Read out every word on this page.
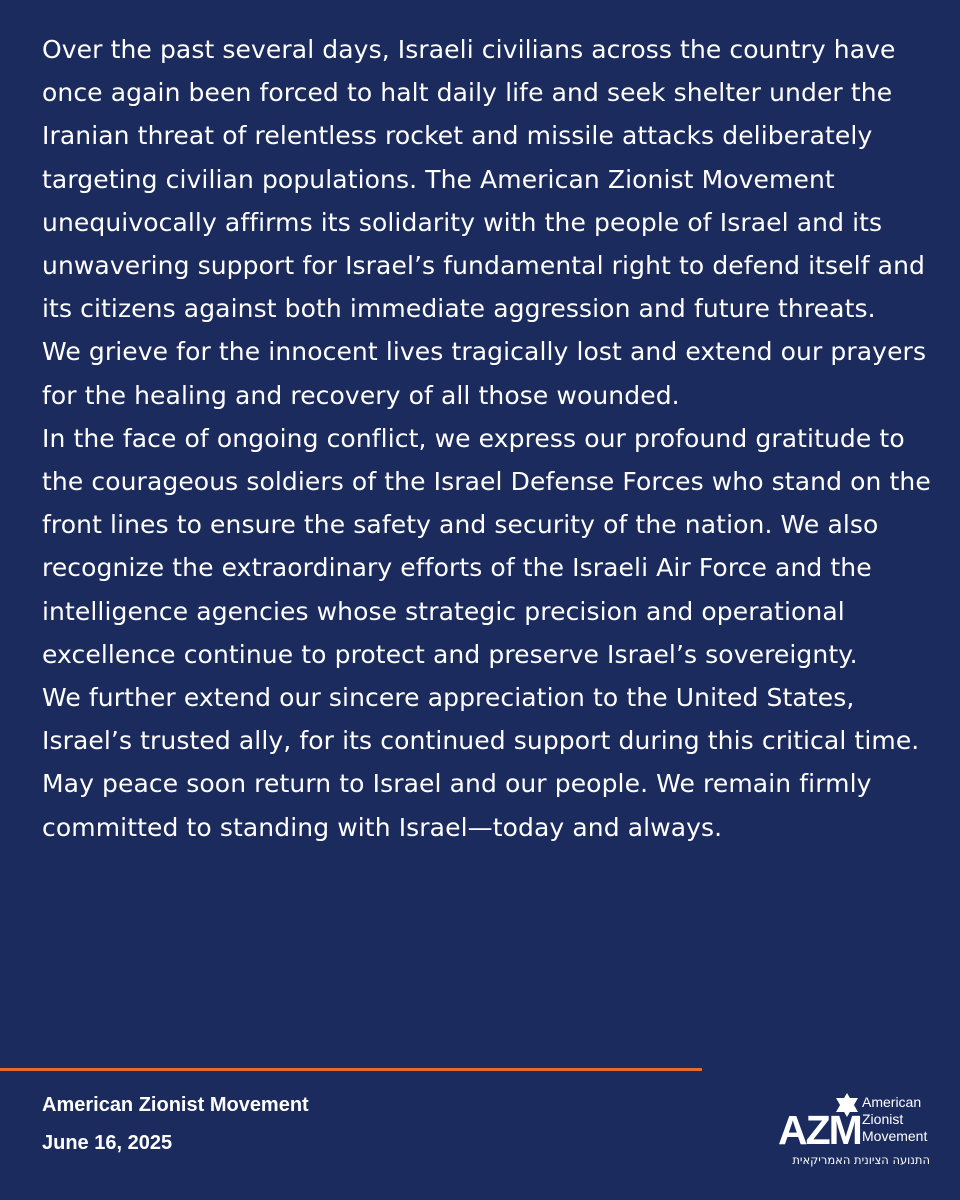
Over the past several days, Israeli civilians across the country have once again been forced to halt daily life and seek shelter under the Iranian threat of relentless rocket and missile attacks deliberately targeting civilian populations. The American Zionist Movement unequivocally affirms its solidarity with the people of Israel and its unwavering support for Israel’s fundamental right to defend itself and its citizens against both immediate aggression and future threats.

We grieve for the innocent lives tragically lost and extend our prayers for the healing and recovery of all those wounded.

In the face of ongoing conflict, we express our profound gratitude to the courageous soldiers of the Israel Defense Forces who stand on the front lines to ensure the safety and security of the nation. We also recognize the extraordinary efforts of the Israeli Air Force and the intelligence agencies whose strategic precision and operational excellence continue to protect and preserve Israel’s sovereignty.

We further extend our sincere appreciation to the United States, Israel’s trusted ally, for its continued support during this critical time.

May peace soon return to Israel and our people. We remain firmly committed to standing with Israel—today and always.

American Zionist Movement
June 16, 2025	AZM
American
Zionist
Movement
התנועה הציונית האמריקאית
